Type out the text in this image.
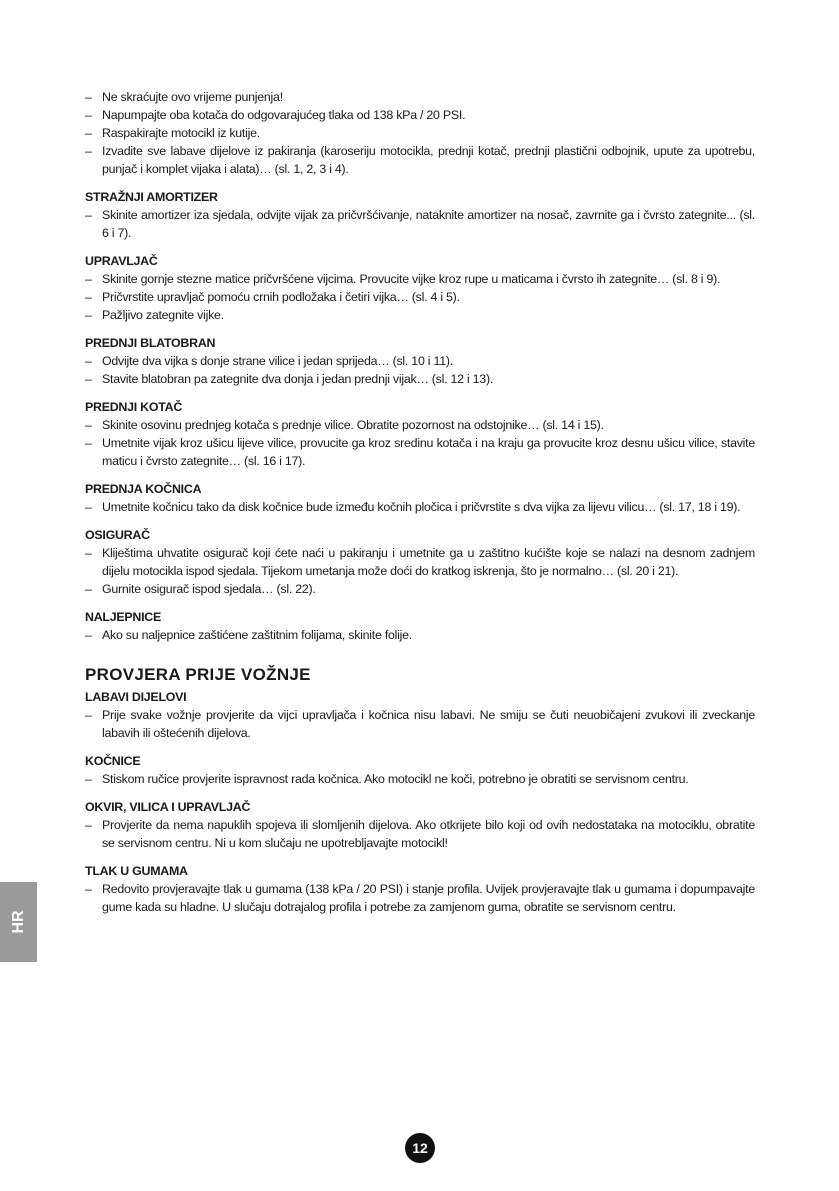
– Ne skraćujte ovo vrijeme punjenja!
– Napumpajte oba kotača do odgovarajućeg tlaka od 138 kPa / 20 PSI.
– Raspakirajte motocikl iz kutije.
– Izvadite sve labave dijelove iz pakiranja (karoseriju motocikla, prednji kotač, prednji plastični odbojnik, upute za upotrebu, punjač i komplet vijaka i alata)… (sl. 1, 2, 3 i 4).
STRAŽNJI AMORTIZER
– Skinite amortizer iza sjedala, odvijte vijak za pričvršćivanje, nataknite amortizer na nosač, zavrnite ga i čvrsto zategnite... (sl. 6 i 7).
UPRAVLJAČ
– Skinite gornje stezne matice pričvršćene vijcima. Provucite vijke kroz rupe u maticama i čvrsto ih zategnite… (sl. 8 i 9).
– Pričvrstite upravljač pomoću crnih podložaka i četiri vijka… (sl. 4 i 5).
– Pažljivo zategnite vijke.
PREDNJI BLATOBRAN
– Odvijte dva vijka s donje strane vilice i jedan sprijeda… (sl. 10 i 11).
– Stavite blatobran pa zategnite dva donja i jedan prednji vijak… (sl. 12 i 13).
PREDNJI KOTAČ
– Skinite osovinu prednjeg kotača s prednje vilice. Obratite pozornost na odstojnike… (sl. 14 i 15).
– Umetnite vijak kroz ušicu lijeve vilice, provucite ga kroz sredinu kotača i na kraju ga provucite kroz desnu ušicu vilice, stavite maticu i čvrsto zategnite… (sl. 16 i 17).
PREDNJA KOČNICA
– Umetnite kočnicu tako da disk kočnice bude između kočnih pločica i pričvrstite s dva vijka za lijevu vilicu… (sl. 17, 18 i 19).
OSIGURAČ
– Kliještima uhvatite osigurač koji ćete naći u pakiranju i umetnite ga u zaštitno kućište koje se nalazi na desnom zadnjem dijelu motocikla ispod sjedala. Tijekom umetanja može doći do kratkog iskrenja, što je normalno… (sl. 20 i 21).
– Gurnite osigurač ispod sjedala… (sl. 22).
NALJEPNICE
– Ako su naljepnice zaštićene zaštitnim folijama, skinite folije.
PROVJERA PRIJE VOŽNJE
LABAVI DIJELOVI
– Prije svake vožnje provjerite da vijci upravljača i kočnica nisu labavi. Ne smiju se čuti neuobičajeni zvukovi ili zveckanje labavih ili oštećenih dijelova.
KOČNICE
– Stiskom ručice provjerite ispravnost rada kočnica. Ako motocikl ne koči, potrebno je obratiti se servisnom centru.
OKVIR, VILICA I UPRAVLJAČ
– Provjerite da nema napuklih spojeva ili slomljenih dijelova. Ako otkrijete bilo koji od ovih nedostataka na motociklu, obratite se servisnom centru. Ni u kom slučaju ne upotrebljavajte motocikl!
TLAK U GUMAMA
– Redovito provjeravajte tlak u gumama (138 kPa / 20 PSI) i stanje profila. Uvijek provjeravajte tlak u gumama i dopumpavajte gume kada su hladne. U slučaju dotrajalog profila i potrebe za zamjenom guma, obratite se servisnom centru.
HR
12
